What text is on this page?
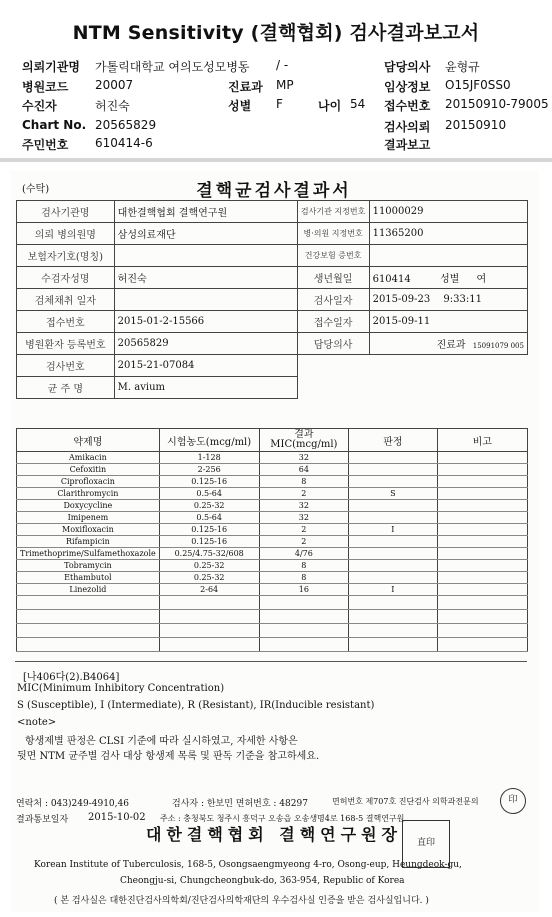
NTM Sensitivity (결핵협회) 검사결과보고서
의뢰기관명 가톨릭대학교 여의도성모병동 / -	담당의사 윤형규
병원코드 20007	진료과 MP	임상정보 O15JF0SS0
수진자	허진숙	성별 F	나이 54 접수번호 20150910-79005
Chart No. 20565829	검사의뢰 20150910
주민번호 610414-6	결과보고
(수탁)	결핵균검사결과서
검사기관명	대한결핵협회 결핵연구원	검사기관 지정번호	11000029
의뢰 병의원명	삼성의료재단	병·의원 지정번호	11365200
보험자기호(명칭)		건강보험 증번호	
수검자성명	허진숙	생년월일	610414 성별 여
검체채취 일자		검사일자	2015-09-23 9:33:11
접수번호	2015-01-2-15566	접수일자	2015-09-11
병원환자 등록번호	20565829	담당의사	진료과 15091079 005
검사번호	2015-21-07084		
균 주 명	M. avium		
약제명	시험농도(mcg/ml)	결과 MIC(mcg/ml)	판정	비고
Amikacin	1-128	32		
Cefoxitin	2-256	64		
Ciprofloxacin	0.125-16	8		
Clarithromycin	0.5-64	2	S	
Doxycycline	0.25-32	32		
Imipenem	0.5-64	32		
Moxifloxacin	0.125-16	2	I	
Rifampicin	0.125-16	2		
Trimethoprime/Sulfamethoxazole	0.25/4.75-32/608	4/76		
Tobramycin	0.25-32	8		
Ethambutol	0.25-32	8		
Linezolid	2-64	16	I	

[나406다(2).B4064]
MIC(Minimum Inhibitory Concentration)
S (Susceptible), I (Intermediate), R (Resistant), IR(Inducible resistant)
<note>
항생제별 판정은 CLSI 기준에 따라 실시하였고, 자세한 사항은
뒷면 NTM 균주별 검사 대상 항생제 목록 및 판독 기준을 참고하세요.
연락처 : 043)249-4910,46	검사자 : 한보민 면허번호 : 48297	면허번호 제707호 진단검사 의학과전문의	印
결과통보일자 2015-10-02 주소 : 충청북도 청주시 흥덕구 오송읍 오송생명4로 168-5 결핵연구원
대한결핵협회 결핵연구원장	直印
Korean Institute of Tuberculosis, 168-5, Osongsaengmyeong 4-ro, Osong-eup, Heungdeok-gu,
Cheongju-si, Chungcheongbuk-do, 363-954, Republic of Korea
( 본 검사실은 대한진단검사의학회/진단검사의학재단의 우수검사실 인증을 받은 검사실입니다. )
